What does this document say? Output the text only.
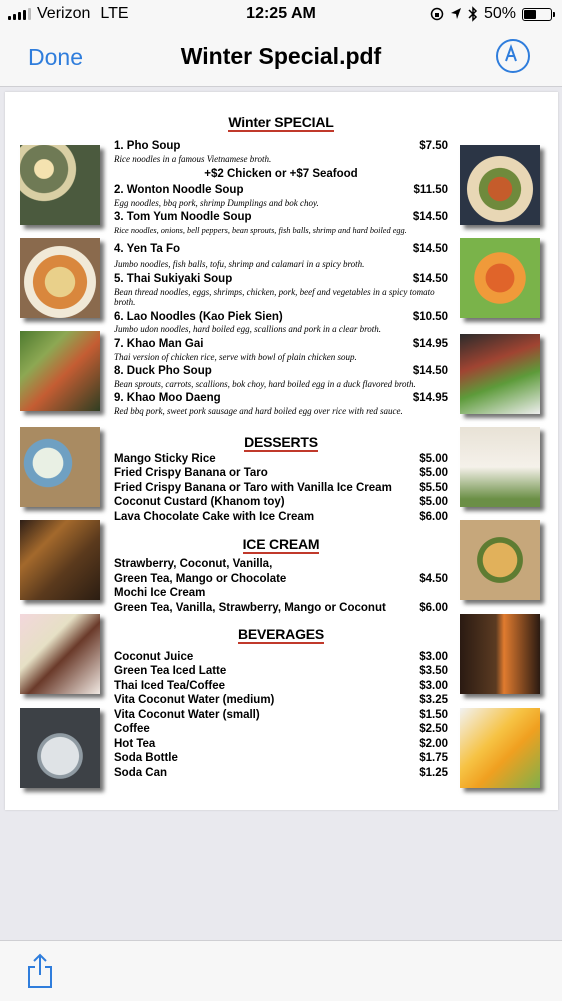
Verizon LTE	12:25 AM	50%
Done	Winter Special.pdf
Winter SPECIAL
1. Pho Soup	$7.50
Rice noodles in a famous Vietnamese broth.
+$2 Chicken or +$7 Seafood
2. Wonton Noodle Soup	$11.50
Egg noodles, bbq pork, shrimp Dumplings and bok choy.
3. Tom Yum Noodle Soup	$14.50
Rice noodles, onions, bell peppers, bean sprouts, fish balls, shrimp and hard boiled egg.
4. Yen Ta Fo	$14.50
Jumbo noodles, fish balls, tofu, shrimp and calamari in a spicy broth.
5. Thai Sukiyaki Soup	$14.50
Bean thread noodles, eggs, shrimps, chicken, pork, beef and vegetables in a spicy tomato broth.
6. Lao Noodles (Kao Piek Sien)	$10.50
Jumbo udon noodles, hard boiled egg, scallions and pork in a clear broth.
7. Khao Man Gai	$14.95
Thai version of chicken rice, serve with bowl of plain chicken soup.
8. Duck Pho Soup	$14.50
Bean sprouts, carrots, scallions, bok choy, hard boiled egg in a duck flavored broth.
9. Khao Moo Daeng	$14.95
Red bbq pork, sweet pork sausage and hard boiled egg over rice with red sauce.
DESSERTS
Mango Sticky Rice	$5.00
Fried Crispy Banana or Taro	$5.00
Fried Crispy Banana or Taro with Vanilla Ice Cream $5.50
Coconut Custard (Khanom toy)	$5.00
Lava Chocolate Cake with Ice Cream	$6.00
ICE CREAM
Strawberry, Coconut, Vanilla,
Green Tea, Mango or Chocolate	$4.50
Mochi Ice Cream
Green Tea, Vanilla, Strawberry, Mango or Coconut	$6.00
BEVERAGES
Coconut Juice	$3.00
Green Tea Iced Latte	$3.50
Thai Iced Tea/Coffee	$3.00
Vita Coconut Water (medium)	$3.25
Vita Coconut Water (small)	$1.50
Coffee	$2.50
Hot Tea	$2.00
Soda Bottle	$1.75
Soda Can	$1.25
